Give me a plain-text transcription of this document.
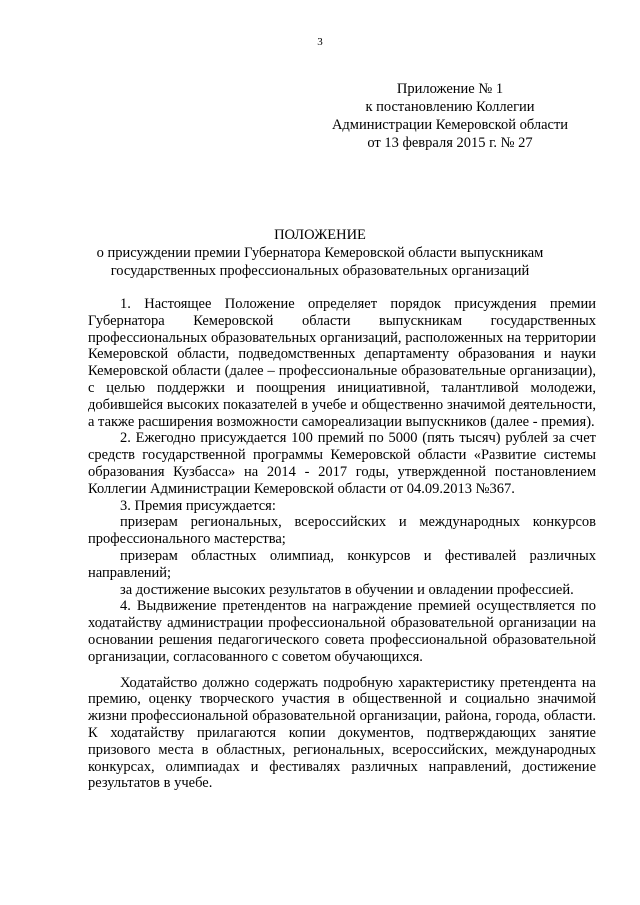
3
Приложение № 1
к постановлению Коллегии
Администрации Кемеровской области
от 13 февраля 2015 г. № 27
ПОЛОЖЕНИЕ
о присуждении премии Губернатора Кемеровской области выпускникам
государственных профессиональных образовательных организаций

1. Настоящее Положение определяет порядок присуждения премии Губернатора Кемеровской области выпускникам государственных профессиональных образовательных организаций, расположенных на территории Кемеровской области, подведомственных департаменту образования и науки Кемеровской области (далее – профессиональные образовательные организации), с целью поддержки и поощрения инициативной, талантливой молодежи, добившейся высоких показателей в учебе и общественно значимой деятельности, а также расширения возможности самореализации выпускников (далее - премия).

2. Ежегодно присуждается 100 премий по 5000 (пять тысяч) рублей за счет средств государственной программы Кемеровской области «Развитие системы образования Кузбасса» на 2014 - 2017 годы, утвержденной постановлением Коллегии Администрации Кемеровской области от 04.09.2013 №367.

3. Премия присуждается:

призерам региональных, всероссийских и международных конкурсов профессионального мастерства;

призерам областных олимпиад, конкурсов и фестивалей различных направлений;

за достижение высоких результатов в обучении и овладении профессией.

4. Выдвижение претендентов на награждение премией осуществляется по ходатайству администрации профессиональной образовательной организации на основании решения педагогического совета профессиональной образовательной организации, согласованного с советом обучающихся.

Ходатайство должно содержать подробную характеристику претендента на премию, оценку творческого участия в общественной и социально значимой жизни профессиональной образовательной организации, района, города, области. К ходатайству прилагаются копии документов, подтверждающих занятие призового места в областных, региональных, всероссийских, международных конкурсах, олимпиадах и фестивалях различных направлений, достижение результатов в учебе.
